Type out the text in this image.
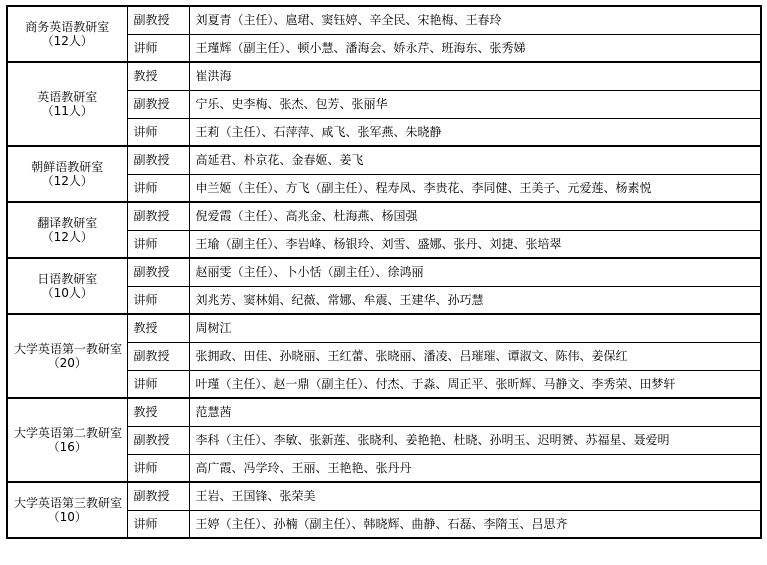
商务英语教研室
（12人）	副教授	刘夏青（主任）、扈珺、窦钰婷、辛全民、宋艳梅、王春玲
	讲师	王瑾辉（副主任）、顿小慧、潘海会、娇永芹、班海东、张秀娣

英语教研室
（11人）	教授	崔洪海
	副教授	宁乐、史李梅、张杰、包芳、张丽华
	讲师	王莉（主任）、石萍萍、咸飞、张军燕、朱晓静

朝鲜语教研室
（12人）	副教授	高延君、朴京花、金春姬、姜飞
	讲师	申兰姬（主任）、方飞（副主任）、程寿凤、李贵花、李同健、王美子、元爱莲、杨素悦

翻译教研室
（12人）	副教授	倪爱霞（主任）、高兆金、杜海燕、杨国强
	讲师	王瑜（副主任）、李岩峰、杨银玲、刘雪、盛娜、张丹、刘捷、张培翠

日语教研室
（10人）	副教授	赵丽雯（主任）、卜小恬（副主任）、徐鸿丽
	讲师	刘兆芳、窦林娟、纪薇、常娜、牟震、王建华、孙巧慧

大学英语第一教研室
（20）	教授	周树江
	副教授	张拥政、田佳、孙晓丽、王红蕾、张晓丽、潘凌、吕璀璀、谭淑文、陈伟、姜保红
	讲师	叶瑾（主任）、赵一鼎（副主任）、付杰、于淼、周正平、张昕辉、马静文、李秀荣、田梦轩

大学英语第二教研室
（16）	教授	范慧茜
	副教授	李科（主任）、李敏、张新莲、张晓利、姜艳艳、杜晓、孙明玉、迟明赟、苏福星、聂爱明
	讲师	高广霞、冯学玲、王丽、王艳艳、张丹丹

大学英语第三教研室
（10）	副教授	王岩、王国锋、张荣美
	讲师	王婷（主任）、孙楠（副主任）、韩晓辉、曲静、石磊、李隋玉、吕思齐
